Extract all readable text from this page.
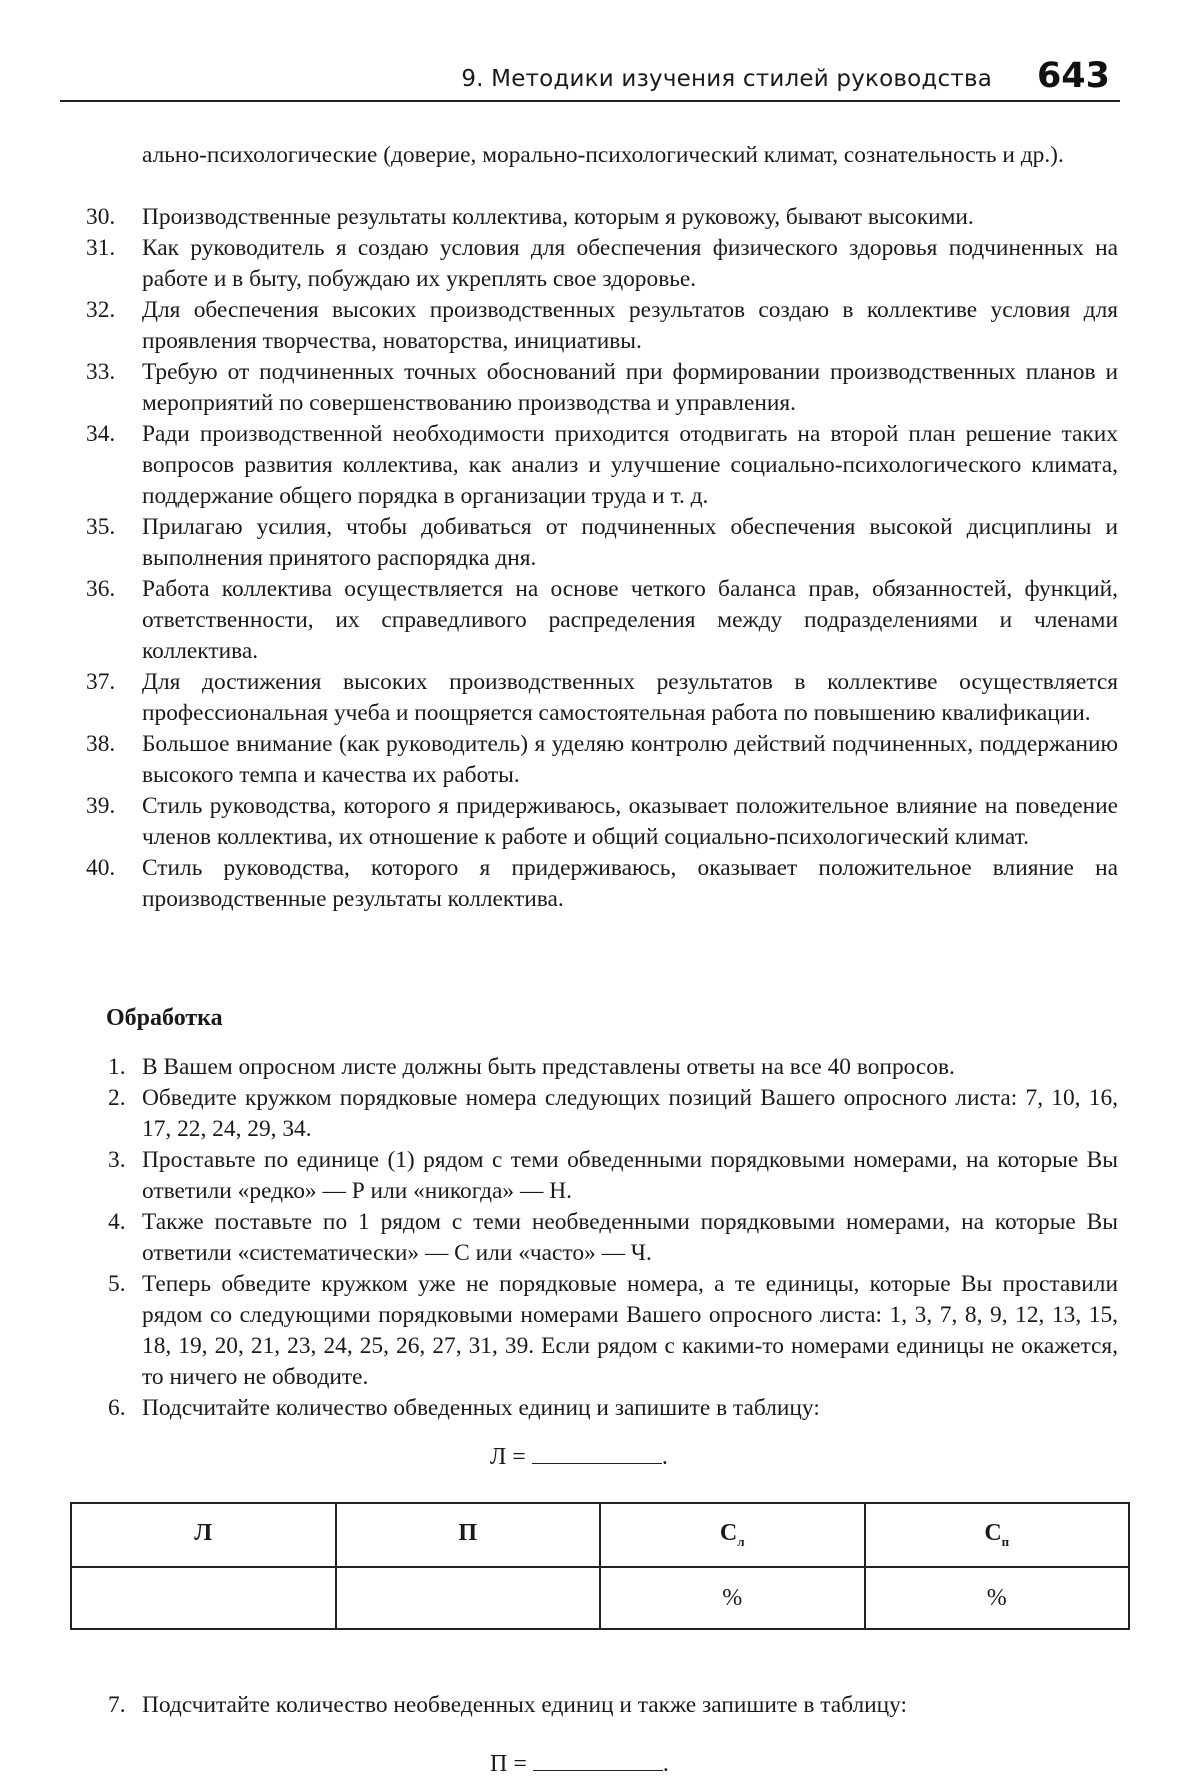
9. Методики изучения стилей руководства 643
ально-психологические (доверие, морально-психологический климат, сознательность и др.).
30.	Производственные результаты коллектива, которым я руковожу, бывают высокими.
31.	Как руководитель я создаю условия для обеспечения физического здоровья подчиненных на работе и в быту, побуждаю их укреплять свое здоровье.
32.	Для обеспечения высоких производственных результатов создаю в коллективе условия для проявления творчества, новаторства, инициативы.
33.	Требую от подчиненных точных обоснований при формировании производственных планов и мероприятий по совершенствованию производства и управления.
34.	Ради производственной необходимости приходится отодвигать на второй план решение таких вопросов развития коллектива, как анализ и улучшение социально-психологического климата, поддержание общего порядка в организации труда и т. д.
35.	Прилагаю усилия, чтобы добиваться от подчиненных обеспечения высокой дисциплины и выполнения принятого распорядка дня.
36.	Работа коллектива осуществляется на основе четкого баланса прав, обязанностей, функций, ответственности, их справедливого распределения между подразделениями и членами коллектива.
37.	Для достижения высоких производственных результатов в коллективе осуществляется профессиональная учеба и поощряется самостоятельная работа по повышению квалификации.
38.	Большое внимание (как руководитель) я уделяю контролю действий подчиненных, поддержанию высокого темпа и качества их работы.
39.	Стиль руководства, которого я придерживаюсь, оказывает положительное влияние на поведение членов коллектива, их отношение к работе и общий социально-психологический климат.
40.	Стиль руководства, которого я придерживаюсь, оказывает положительное влияние на производственные результаты коллектива.
Обработка
1. В Вашем опросном листе должны быть представлены ответы на все 40 вопросов.
2. Обведите кружком порядковые номера следующих позиций Вашего опросного листа: 7, 10, 16, 17, 22, 24, 29, 34.
3. Проставьте по единице (1) рядом с теми обведенными порядковыми номерами, на которые Вы ответили «редко» — Р или «никогда» — Н.
4. Также поставьте по 1 рядом с теми необведенными порядковыми номерами, на которые Вы ответили «систематически» — С или «часто» — Ч.
5. Теперь обведите кружком уже не порядковые номера, а те единицы, которые Вы проставили рядом со следующими порядковыми номерами Вашего опросного листа: 1, 3, 7, 8, 9, 12, 13, 15, 18, 19, 20, 21, 23, 24, 25, 26, 27, 31, 39. Если рядом с какими-то номерами единицы не окажется, то ничего не обводите.
6. Подсчитайте количество обведенных единиц и запишите в таблицу:
Л =	.
Л	П	$С_л$	$С_п$
		%	%
7. Подсчитайте количество необведенных единиц и также запишите в таблицу:
П =	.
